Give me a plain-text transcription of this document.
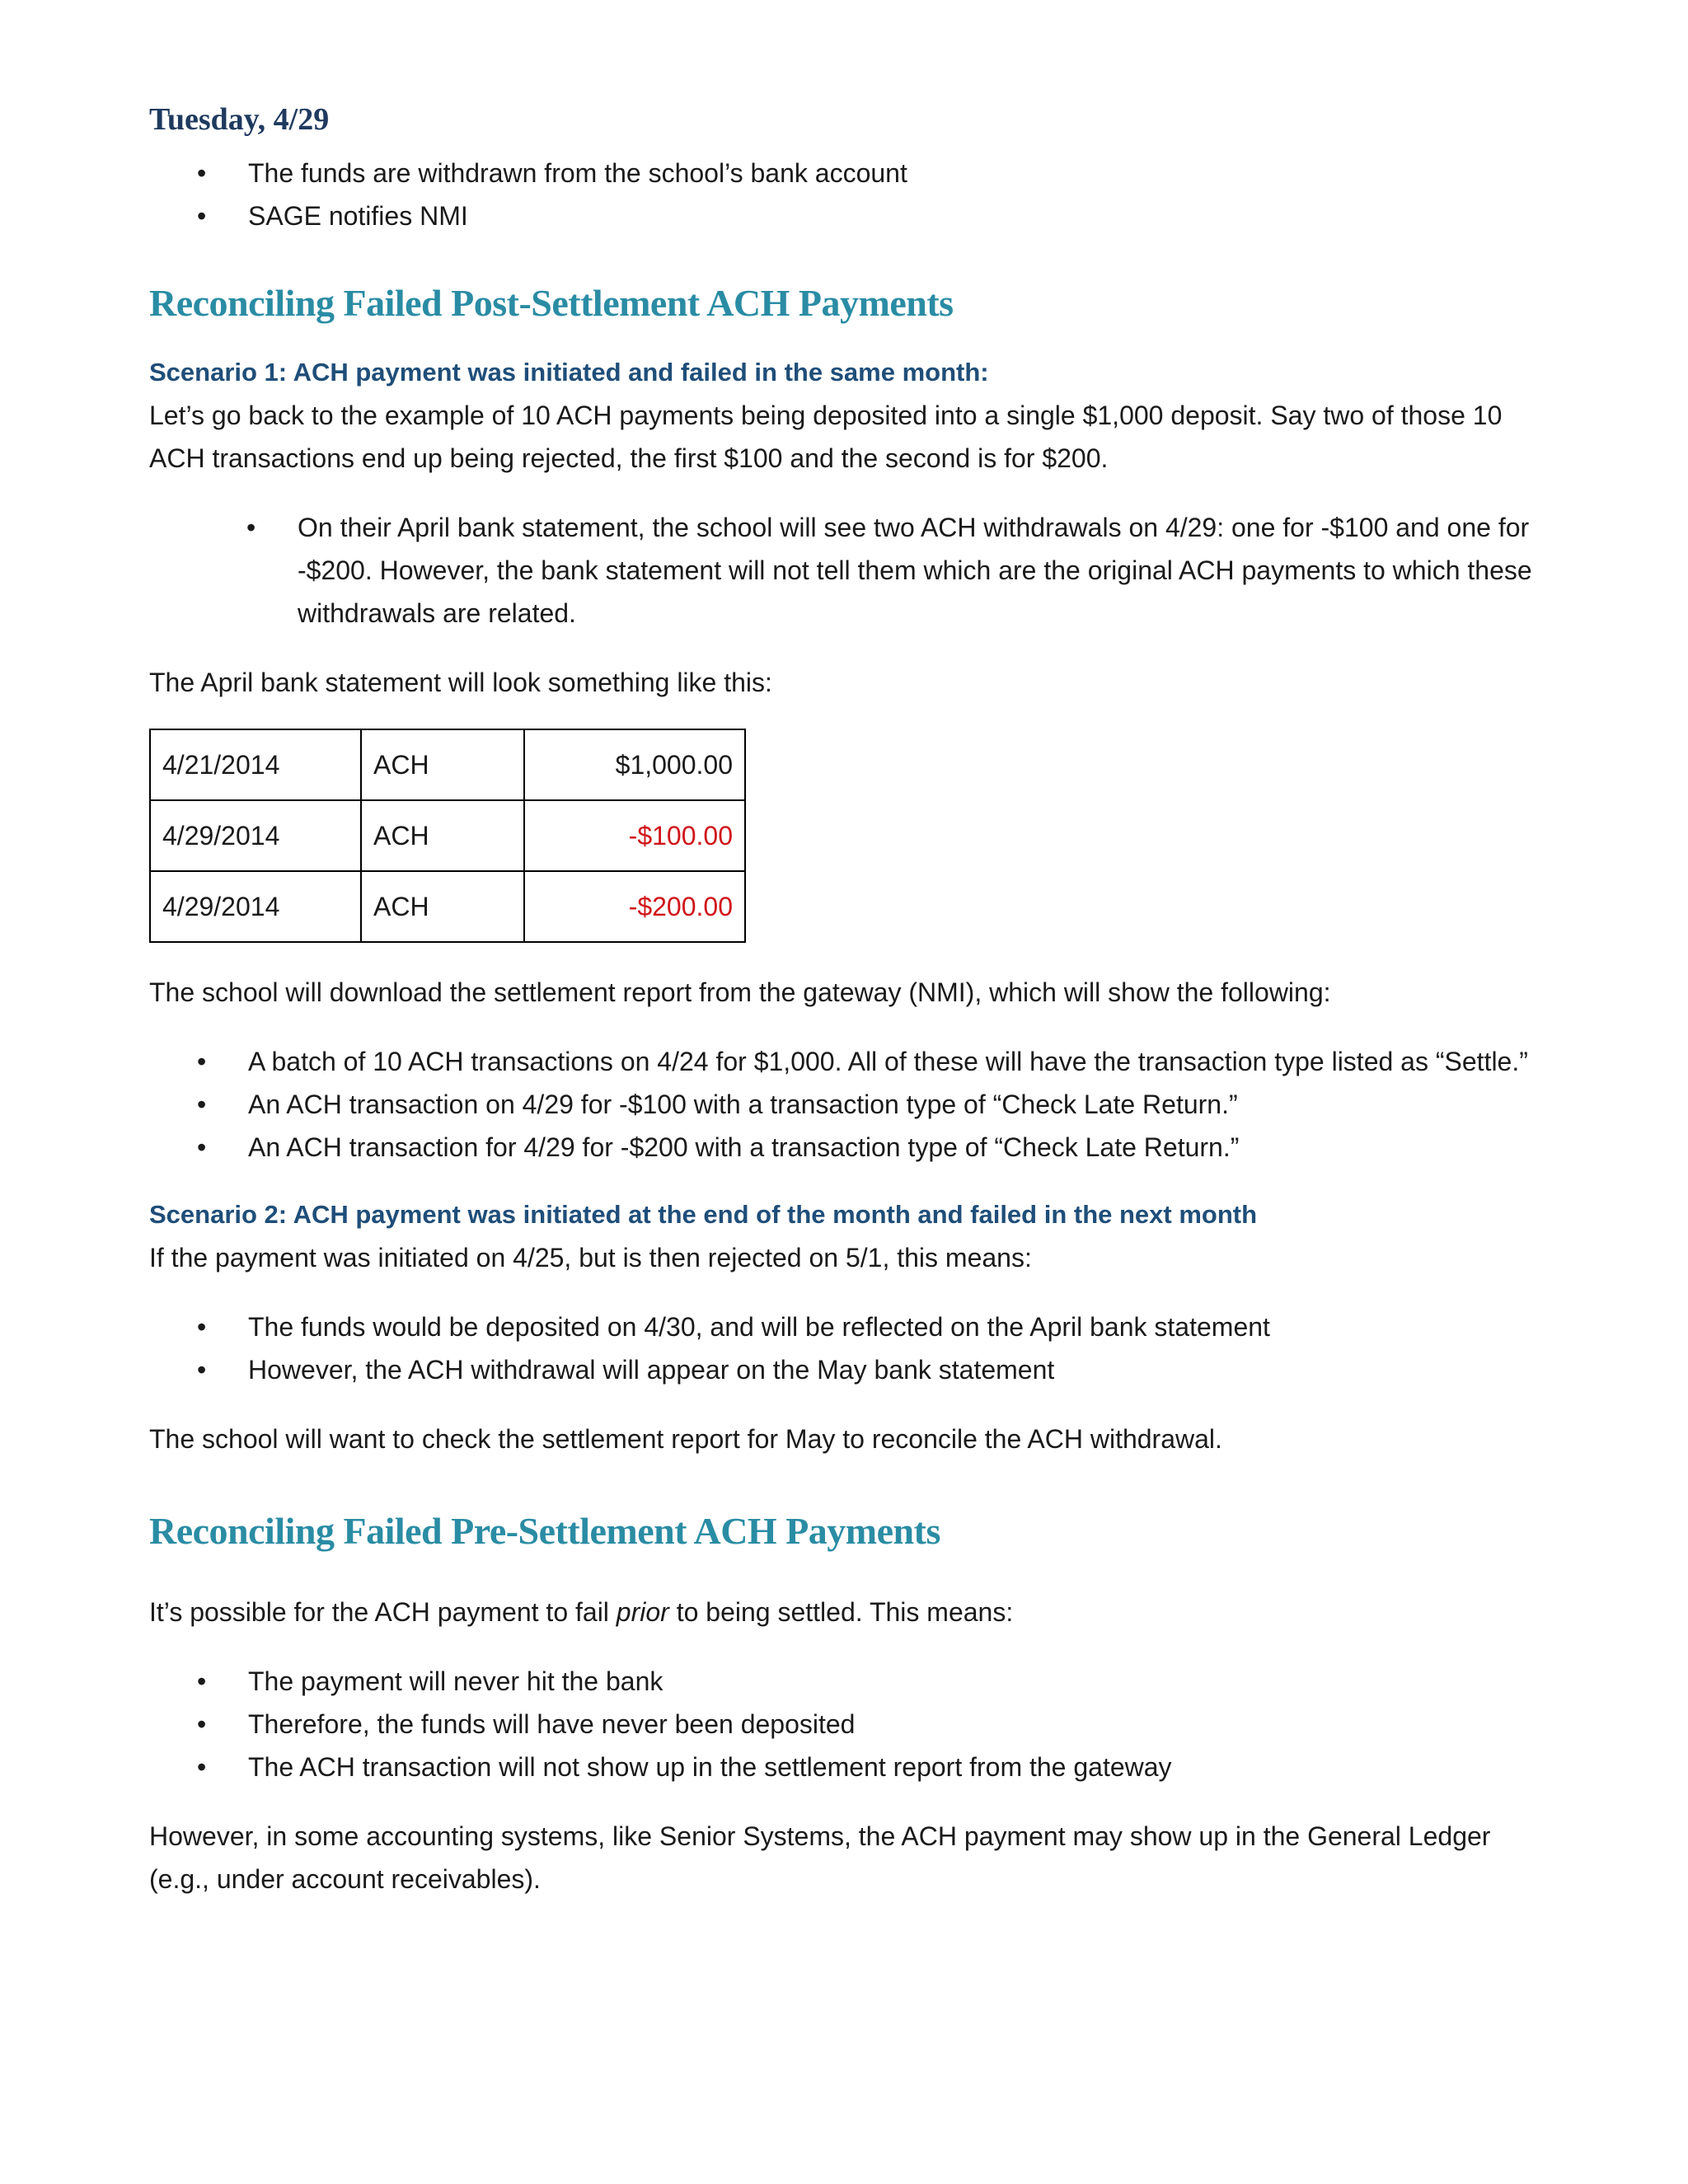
Tuesday, 4/29
• The funds are withdrawn from the school’s bank account
• SAGE notifies NMI
Reconciling Failed Post-Settlement ACH Payments
Scenario 1: ACH payment was initiated and failed in the same month:

Let’s go back to the example of 10 ACH payments being deposited into a single $1,000 deposit. Say two of those 10 ACH transactions end up being rejected, the first $100 and the second is for $200.

• On their April bank statement, the school will see two ACH withdrawals on 4/29: one for -$100 and one for -$200. However, the bank statement will not tell them which are the original ACH payments to which these withdrawals are related.

The April bank statement will look something like this:

4/21/2014	ACH	$1,000.00
4/29/2014	ACH	-$100.00
4/29/2014	ACH	-$200.00

The school will download the settlement report from the gateway (NMI), which will show the following:

• A batch of 10 ACH transactions on 4/24 for $1,000. All of these will have the transaction type listed as “Settle.”
• An ACH transaction on 4/29 for -$100 with a transaction type of “Check Late Return.”
• An ACH transaction for 4/29 for -$200 with a transaction type of “Check Late Return.”
Scenario 2: ACH payment was initiated at the end of the month and failed in the next month

If the payment was initiated on 4/25, but is then rejected on 5/1, this means:

• The funds would be deposited on 4/30, and will be reflected on the April bank statement
• However, the ACH withdrawal will appear on the May bank statement

The school will want to check the settlement report for May to reconcile the ACH withdrawal.

Reconciling Failed Pre-Settlement ACH Payments

It’s possible for the ACH payment to fail prior to being settled. This means:

• The payment will never hit the bank
• Therefore, the funds will have never been deposited
• The ACH transaction will not show up in the settlement report from the gateway

However, in some accounting systems, like Senior Systems, the ACH payment may show up in the General Ledger (e.g., under account receivables).
